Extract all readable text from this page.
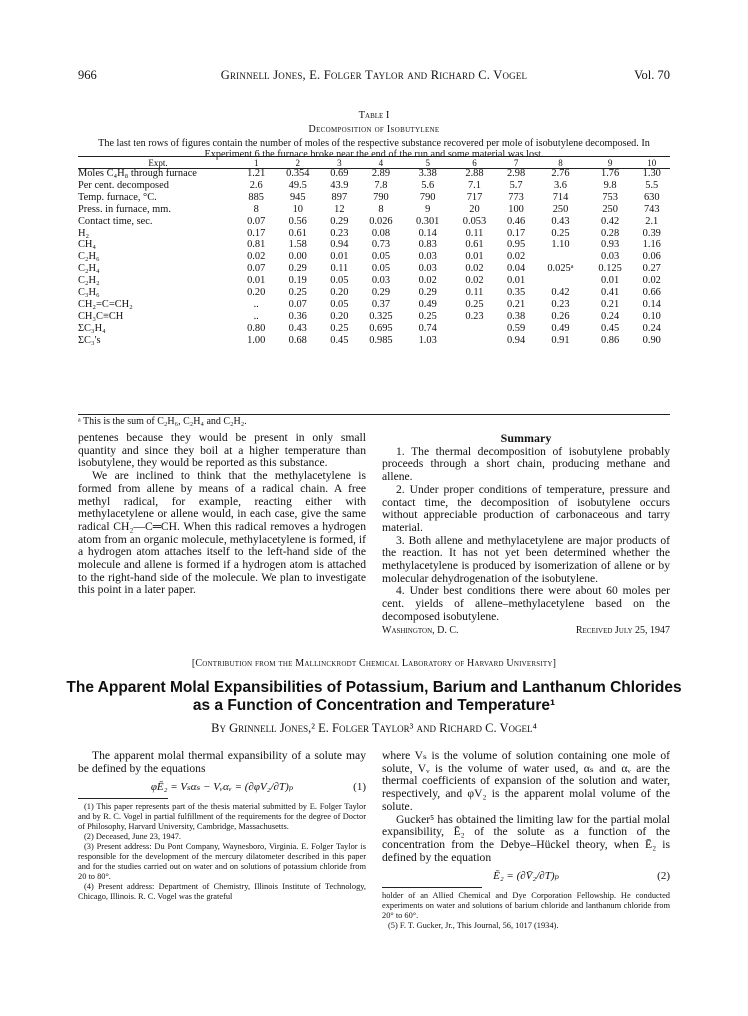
966	Grinnell Jones, E. Folger Taylor and Richard C. Vogel	Vol. 70
Table I
Decomposition of Isobutylene
The last ten rows of figures contain the number of moles of the respective substance recovered per mole of isobutylene decomposed. In Experiment 6 the furnace broke near the end of the run and some material was lost.
Expt.	1	2	3	4	5	6	7	8	9	10
Moles C₄H₈ through furnace	1.21	0.354	0.69	2.89	3.38	2.88	2.98	2.76	1.76	1.30
Per cent. decomposed	2.6	49.5	43.9	7.8	5.6	7.1	5.7	3.6	9.8	5.5
Temp. furnace, °C.	885	945	897	790	790	717	773	714	753	630
Press. in furnace, mm.	8	10	12	8	9	20	100	250	250	743
Contact time, sec.	0.07	0.56	0.29	0.026	0.301	0.053	0.46	0.43	0.42	2.1
H₂	0.17	0.61	0.23	0.08	0.14	0.11	0.17	0.25	0.28	0.39
CH₄	0.81	1.58	0.94	0.73	0.83	0.61	0.95	1.10	0.93	1.16
C₂H₆	0.02	0.00	0.01	0.05	0.03	0.01	0.02		0.03	0.06
C₂H₄	0.07	0.29	0.11	0.05	0.03	0.02	0.04	0.025ᵃ	0.125	0.27
C₂H₂	0.01	0.19	0.05	0.03	0.02	0.02	0.01		0.01	0.02
C₃H₆	0.20	0.25	0.20	0.29	0.29	0.11	0.35	0.42	0.41	0.66
CH₂=C=CH₂	..	0.07	0.05	0.37	0.49	0.25	0.21	0.23	0.21	0.14
CH₃C≡CH	..	0.36	0.20	0.325	0.25	0.23	0.38	0.26	0.24	0.10
ΣC₃H₄	0.80	0.43	0.25	0.695	0.74		0.59	0.49	0.45	0.24
ΣC₃'s	1.00	0.68	0.45	0.985	1.03		0.94	0.91	0.86	0.90
ᵃ This is the sum of C₂H₆, C₂H₄ and C₂H₂.

pentenes because they would be present in only small quantity and since they boil at a higher temperature than isobutylene, they would be reported as this substance.

We are inclined to think that the methylacetylene is formed from allene by means of a radical chain. A free methyl radical, for example, reacting either with methylacetylene or allene would, in each case, give the same radical CH₂—C═CH. When this radical removes a hydrogen atom from an organic molecule, methylacetylene is formed, if a hydrogen atom attaches itself to the left-hand side of the molecule and allene is formed if a hydrogen atom is attached to the right-hand side of the molecule. We plan to investigate this point in a later paper.

Summary

1. The thermal decomposition of isobutylene probably proceeds through a short chain, producing methane and allene.

2. Under proper conditions of temperature, pressure and contact time, the decomposition of isobutylene occurs without appreciable production of carbonaceous and tarry material.

3. Both allene and methylacetylene are major products of the reaction. It has not yet been determined whether the methylacetylene is produced by isomerization of allene or by molecular dehydrogenation of the isobutylene.

4. Under best conditions there were about 60 moles per cent. yields of allene–methylacetylene based on the decomposed isobutylene.

Washington, D. C.	Received July 25, 1947
[Contribution from the Mallinckrodt Chemical Laboratory of Harvard University]
The Apparent Molal Expansibilities of Potassium, Barium and Lanthanum Chlorides as a Function of Concentration and Temperature¹
By Grinnell Jones,² E. Folger Taylor³ and Richard C. Vogel⁴

The apparent molal thermal expansibility of a solute may be defined by the equations

φĒ₂ = Vₛαₛ − Vᵥαᵥ = (∂φV₂/∂T)ₚ	(1)

(1) This paper represents part of the thesis material submitted by E. Folger Taylor and by R. C. Vogel in partial fulfillment of the requirements for the degree of Doctor of Philosophy, Harvard University, Cambridge, Massachusetts.

(2) Deceased, June 23, 1947.

(3) Present address: Du Pont Company, Waynesboro, Virginia. E. Folger Taylor is responsible for the development of the mercury dilatometer described in this paper and for the studies carried out on water and on solutions of potassium chloride from 20 to 80°.

(4) Present address: Department of Chemistry, Illinois Institute of Technology, Chicago, Illinois. R. C. Vogel was the grateful

where Vₛ is the volume of solution containing one mole of solute, Vᵥ is the volume of water used, αₛ and αᵥ are the thermal coefficients of expansion of the solution and water, respectively, and φV₂ is the apparent molal volume of the solute.

Gucker⁵ has obtained the limiting law for the partial molal expansibility, Ē₂ of the solute as a function of the concentration from the Debye–Hückel theory, when Ē₂ is defined by the equation

Ē₂ = (∂V̄₂/∂T)ₚ	(2)

holder of an Allied Chemical and Dye Corporation Fellowship. He conducted experiments on water and solutions of barium chloride and lanthanum chloride from 20° to 60°.

(5) F. T. Gucker, Jr., This Journal, 56, 1017 (1934).
